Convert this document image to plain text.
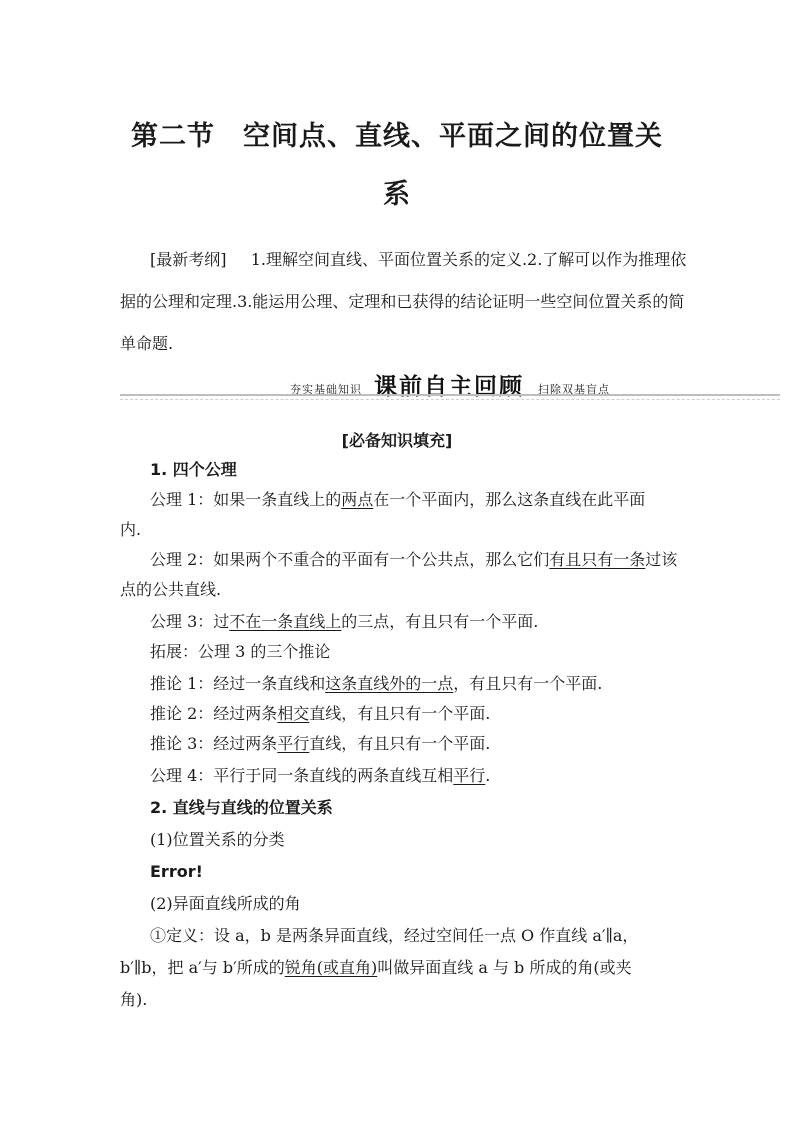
第二节　空间点、直线、平面之间的位置关
系
[最新考纲] 1.理解空间直线、平面位置关系的定义.2.了解可以作为推理依
据的公理和定理.3.能运用公理、定理和已获得的结论证明一些空间位置关系的简
单命题.
夯实基础知识 课前自主回顾 扫除双基盲点
[必备知识填充]
1. 四个公理
公理 1：如果一条直线上的两点在一个平面内，那么这条直线在此平面
内.
公理 2：如果两个不重合的平面有一个公共点，那么它们有且只有一条过该
点的公共直线.
公理 3：过不在一条直线上的三点，有且只有一个平面.
拓展：公理 3 的三个推论
推论 1：经过一条直线和这条直线外的一点，有且只有一个平面.
推论 2：经过两条相交直线，有且只有一个平面.
推论 3：经过两条平行直线，有且只有一个平面.
公理 4：平行于同一条直线的两条直线互相平行.
2. 直线与直线的位置关系
(1)位置关系的分类
Error!
(2)异面直线所成的角
①定义：设 a，b 是两条异面直线，经过空间任一点 O 作直线 a′∥a，
b′∥b，把 a′与 b′所成的锐角(或直角)叫做异面直线 a 与 b 所成的角(或夹
角).
